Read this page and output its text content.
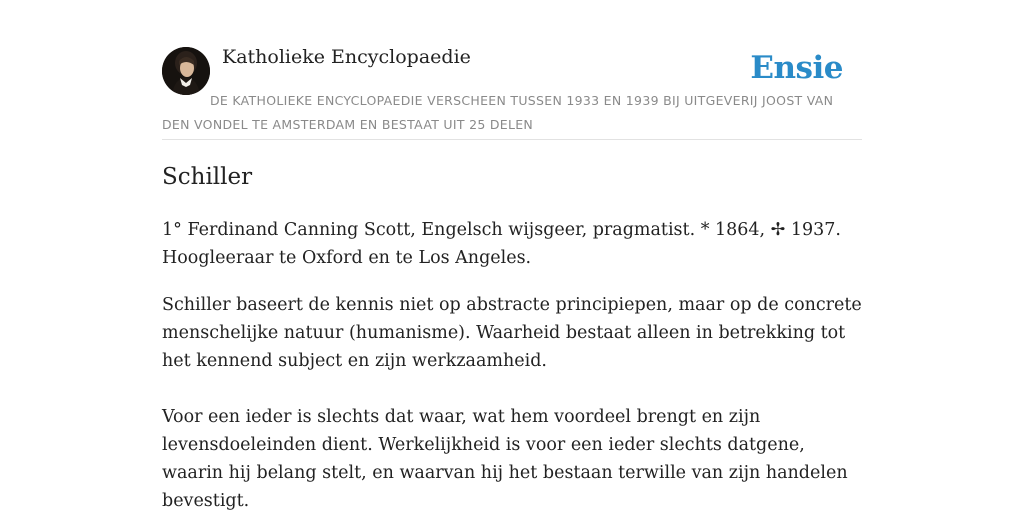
Katholieke Encyclopaedie	Ensie

DE KATHOLIEKE ENCYCLOPAEDIE VERSCHEEN TUSSEN 1933 EN 1939 BIJ UITGEVERIJ JOOST VAN DEN VONDEL TE AMSTERDAM EN BESTAAT UIT 25 DELEN

Schiller

1° Ferdinand Canning Scott, Engelsch wijsgeer, pragmatist. * 1864, ✢ 1937. Hoogleeraar te Oxford en te Los Angeles.

Schiller baseert de kennis niet op abstracte principiepen, maar op de concrete menschelijke natuur (humanisme). Waarheid bestaat alleen in betrekking tot het kennend subject en zijn werkzaamheid.

Voor een ieder is slechts dat waar, wat hem voordeel brengt en zijn levensdoeleinden dient. Werkelijkheid is voor een ieder slechts datgene, waarin hij belang stelt, en waarvan hij het bestaan terwille van zijn handelen bevestigt.
